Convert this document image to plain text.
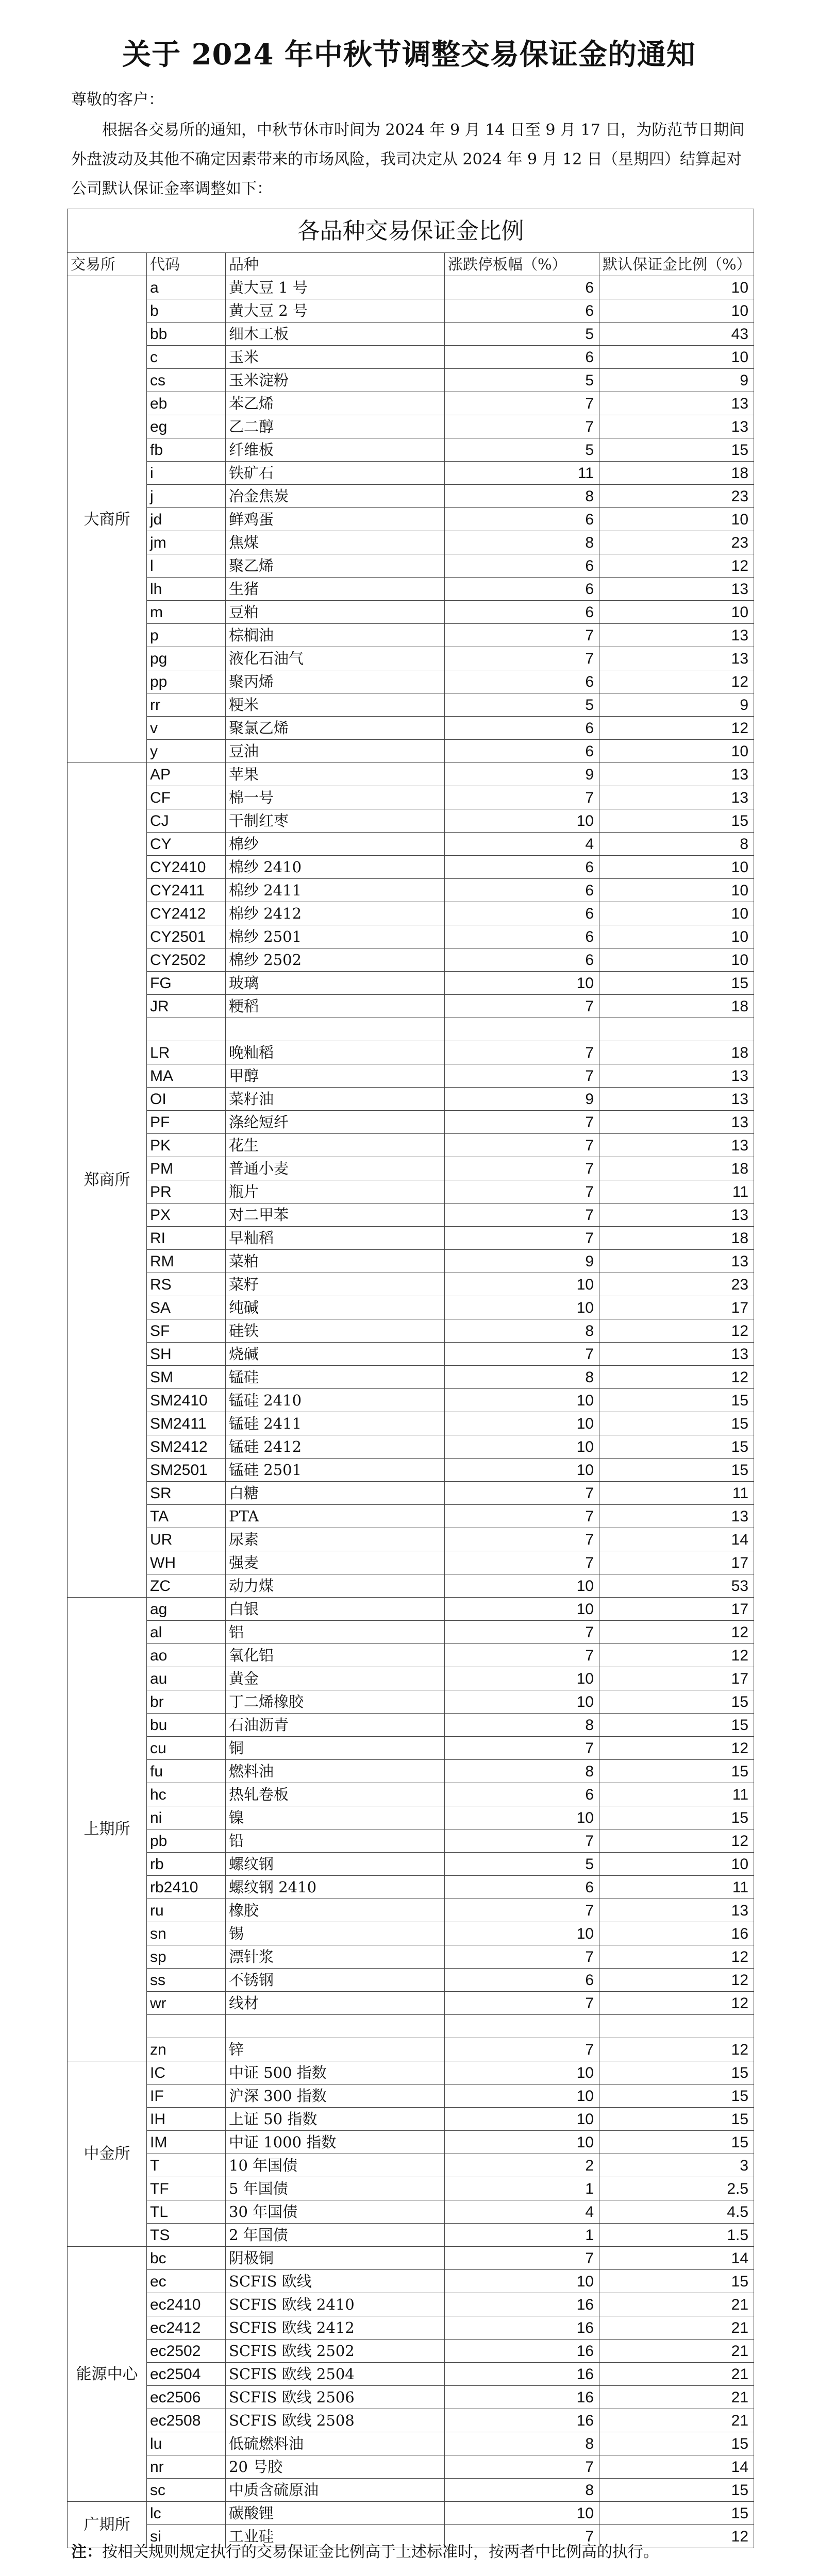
关于 2024 年中秋节调整交易保证金的通知
尊敬的客户：

根据各交易所的通知，中秋节休市时间为 2024 年 9 月 14 日至 9 月 17 日，为防范节日期间外盘波动及其他不确定因素带来的市场风险，我司决定从 2024 年 9 月 12 日（星期四）结算起对公司默认保证金率调整如下：

各品种交易保证金比例				
交易所	代码	品种	涨跌停板幅（%）	默认保证金比例（%）
大商所	a	黄大豆 1 号	6	10
	b	黄大豆 2 号	6	10
	bb	细木工板	5	43
	c	玉米	6	10
	cs	玉米淀粉	5	9
	eb	苯乙烯	7	13
	eg	乙二醇	7	13
	fb	纤维板	5	15
	i	铁矿石	11	18
	j	冶金焦炭	8	23
	jd	鲜鸡蛋	6	10
	jm	焦煤	8	23
	l	聚乙烯	6	12
	lh	生猪	6	13
	m	豆粕	6	10
	p	棕榈油	7	13
	pg	液化石油气	7	13
	pp	聚丙烯	6	12
	rr	粳米	5	9
	v	聚氯乙烯	6	12
	y	豆油	6	10
郑商所	AP	苹果	9	13
	CF	棉一号	7	13
	CJ	干制红枣	10	15
	CY	棉纱	4	8
	CY2410	棉纱 2410	6	10
	CY2411	棉纱 2411	6	10
	CY2412	棉纱 2412	6	10
	CY2501	棉纱 2501	6	10
	CY2502	棉纱 2502	6	10
	FG	玻璃	10	15
	JR	粳稻	7	18

	LR	晚籼稻	7	18
	MA	甲醇	7	13
	OI	菜籽油	9	13
	PF	涤纶短纤	7	13
	PK	花生	7	13
	PM	普通小麦	7	18
	PR	瓶片	7	11
	PX	对二甲苯	7	13
	RI	早籼稻	7	18
	RM	菜粕	9	13
	RS	菜籽	10	23
	SA	纯碱	10	17
	SF	硅铁	8	12
	SH	烧碱	7	13
	SM	锰硅	8	12
	SM2410	锰硅 2410	10	15
	SM2411	锰硅 2411	10	15
	SM2412	锰硅 2412	10	15
	SM2501	锰硅 2501	10	15
	SR	白糖	7	11
	TA	PTA	7	13
	UR	尿素	7	14
	WH	强麦	7	17
	ZC	动力煤	10	53
上期所	ag	白银	10	17
	al	铝	7	12
	ao	氧化铝	7	12
	au	黄金	10	17
	br	丁二烯橡胶	10	15
	bu	石油沥青	8	15
	cu	铜	7	12
	fu	燃料油	8	15
	hc	热轧卷板	6	11
	ni	镍	10	15
	pb	铅	7	12
	rb	螺纹钢	5	10
	rb2410	螺纹钢 2410	6	11
	ru	橡胶	7	13
	sn	锡	10	16
	sp	漂针浆	7	12
	ss	不锈钢	6	12
	wr	线材	7	12

	zn	锌	7	12
中金所	IC	中证 500 指数	10	15
	IF	沪深 300 指数	10	15
	IH	上证 50 指数	10	15
	IM	中证 1000 指数	10	15
	T	10 年国债	2	3
	TF	5 年国债	1	2.5
	TL	30 年国债	4	4.5
	TS	2 年国债	1	1.5
能源中心	bc	阴极铜	7	14
	ec	SCFIS 欧线	10	15
	ec2410	SCFIS 欧线 2410	16	21
	ec2412	SCFIS 欧线 2412	16	21
	ec2502	SCFIS 欧线 2502	16	21
	ec2504	SCFIS 欧线 2504	16	21
	ec2506	SCFIS 欧线 2506	16	21
	ec2508	SCFIS 欧线 2508	16	21
	lu	低硫燃料油	8	15
	nr	20 号胶	7	14
	sc	中质含硫原油	8	15
广期所	lc	碳酸锂	10	15
	si	工业硅	7	12

注：按相关规则规定执行的交易保证金比例高于上述标准时，按两者中比例高的执行。
